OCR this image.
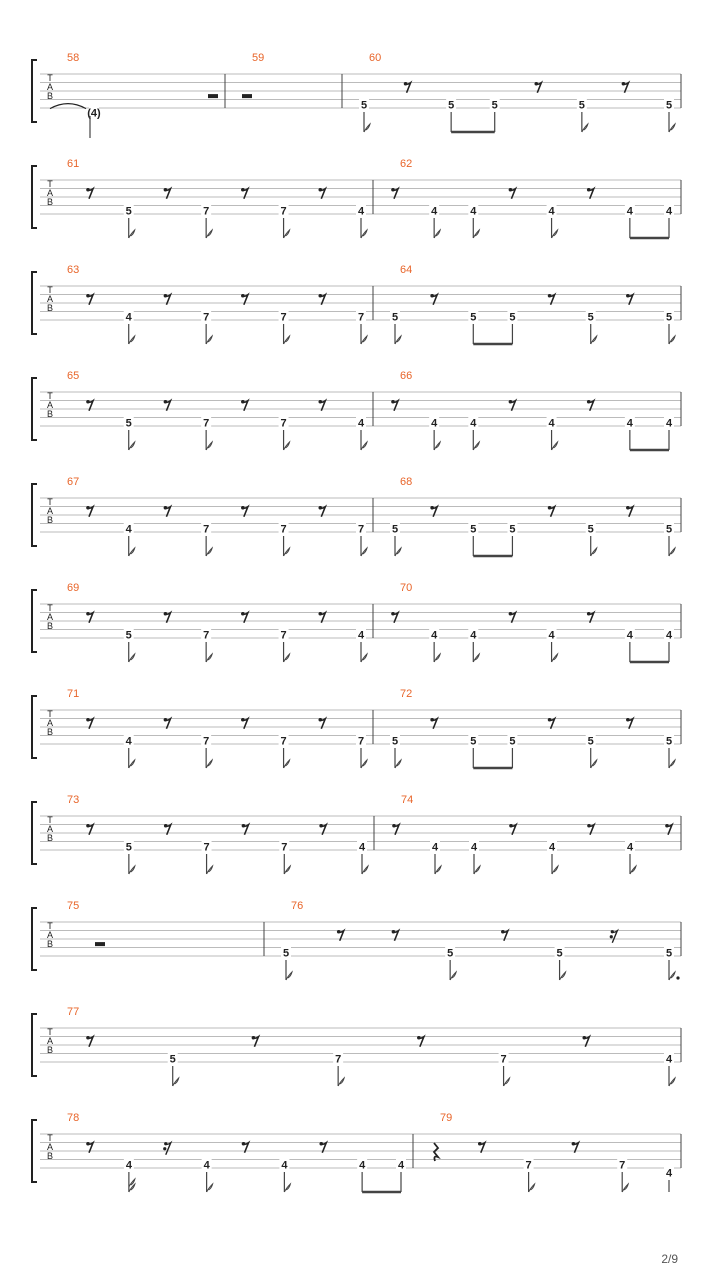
T
A
B
58
(4)
59	60
5	5	5	5	5
T
A
B
61
5	7	7	4
62
4	4	4	4	4
T
A
B
63
4	7	7	7
64
5	5	5	5	5
T
A
B
65
5	7	7	4
66
4	4	4	4	4
T
A
B
67
4	7	7	7
68
5	5	5	5	5
T
A
B
69
5	7	7	4
70
4	4	4	4	4
T
A
B
71
4	7	7	7
72
5	5	5	5	5
T
A
B
73
5	7	7	4
74
4	4	4	4
T
A
B
75	76
5	5	5	5
T
A
B
77
5	7	7	4
T
A
B
78
4	4	4	4	4
79
7	7
4
2/9
